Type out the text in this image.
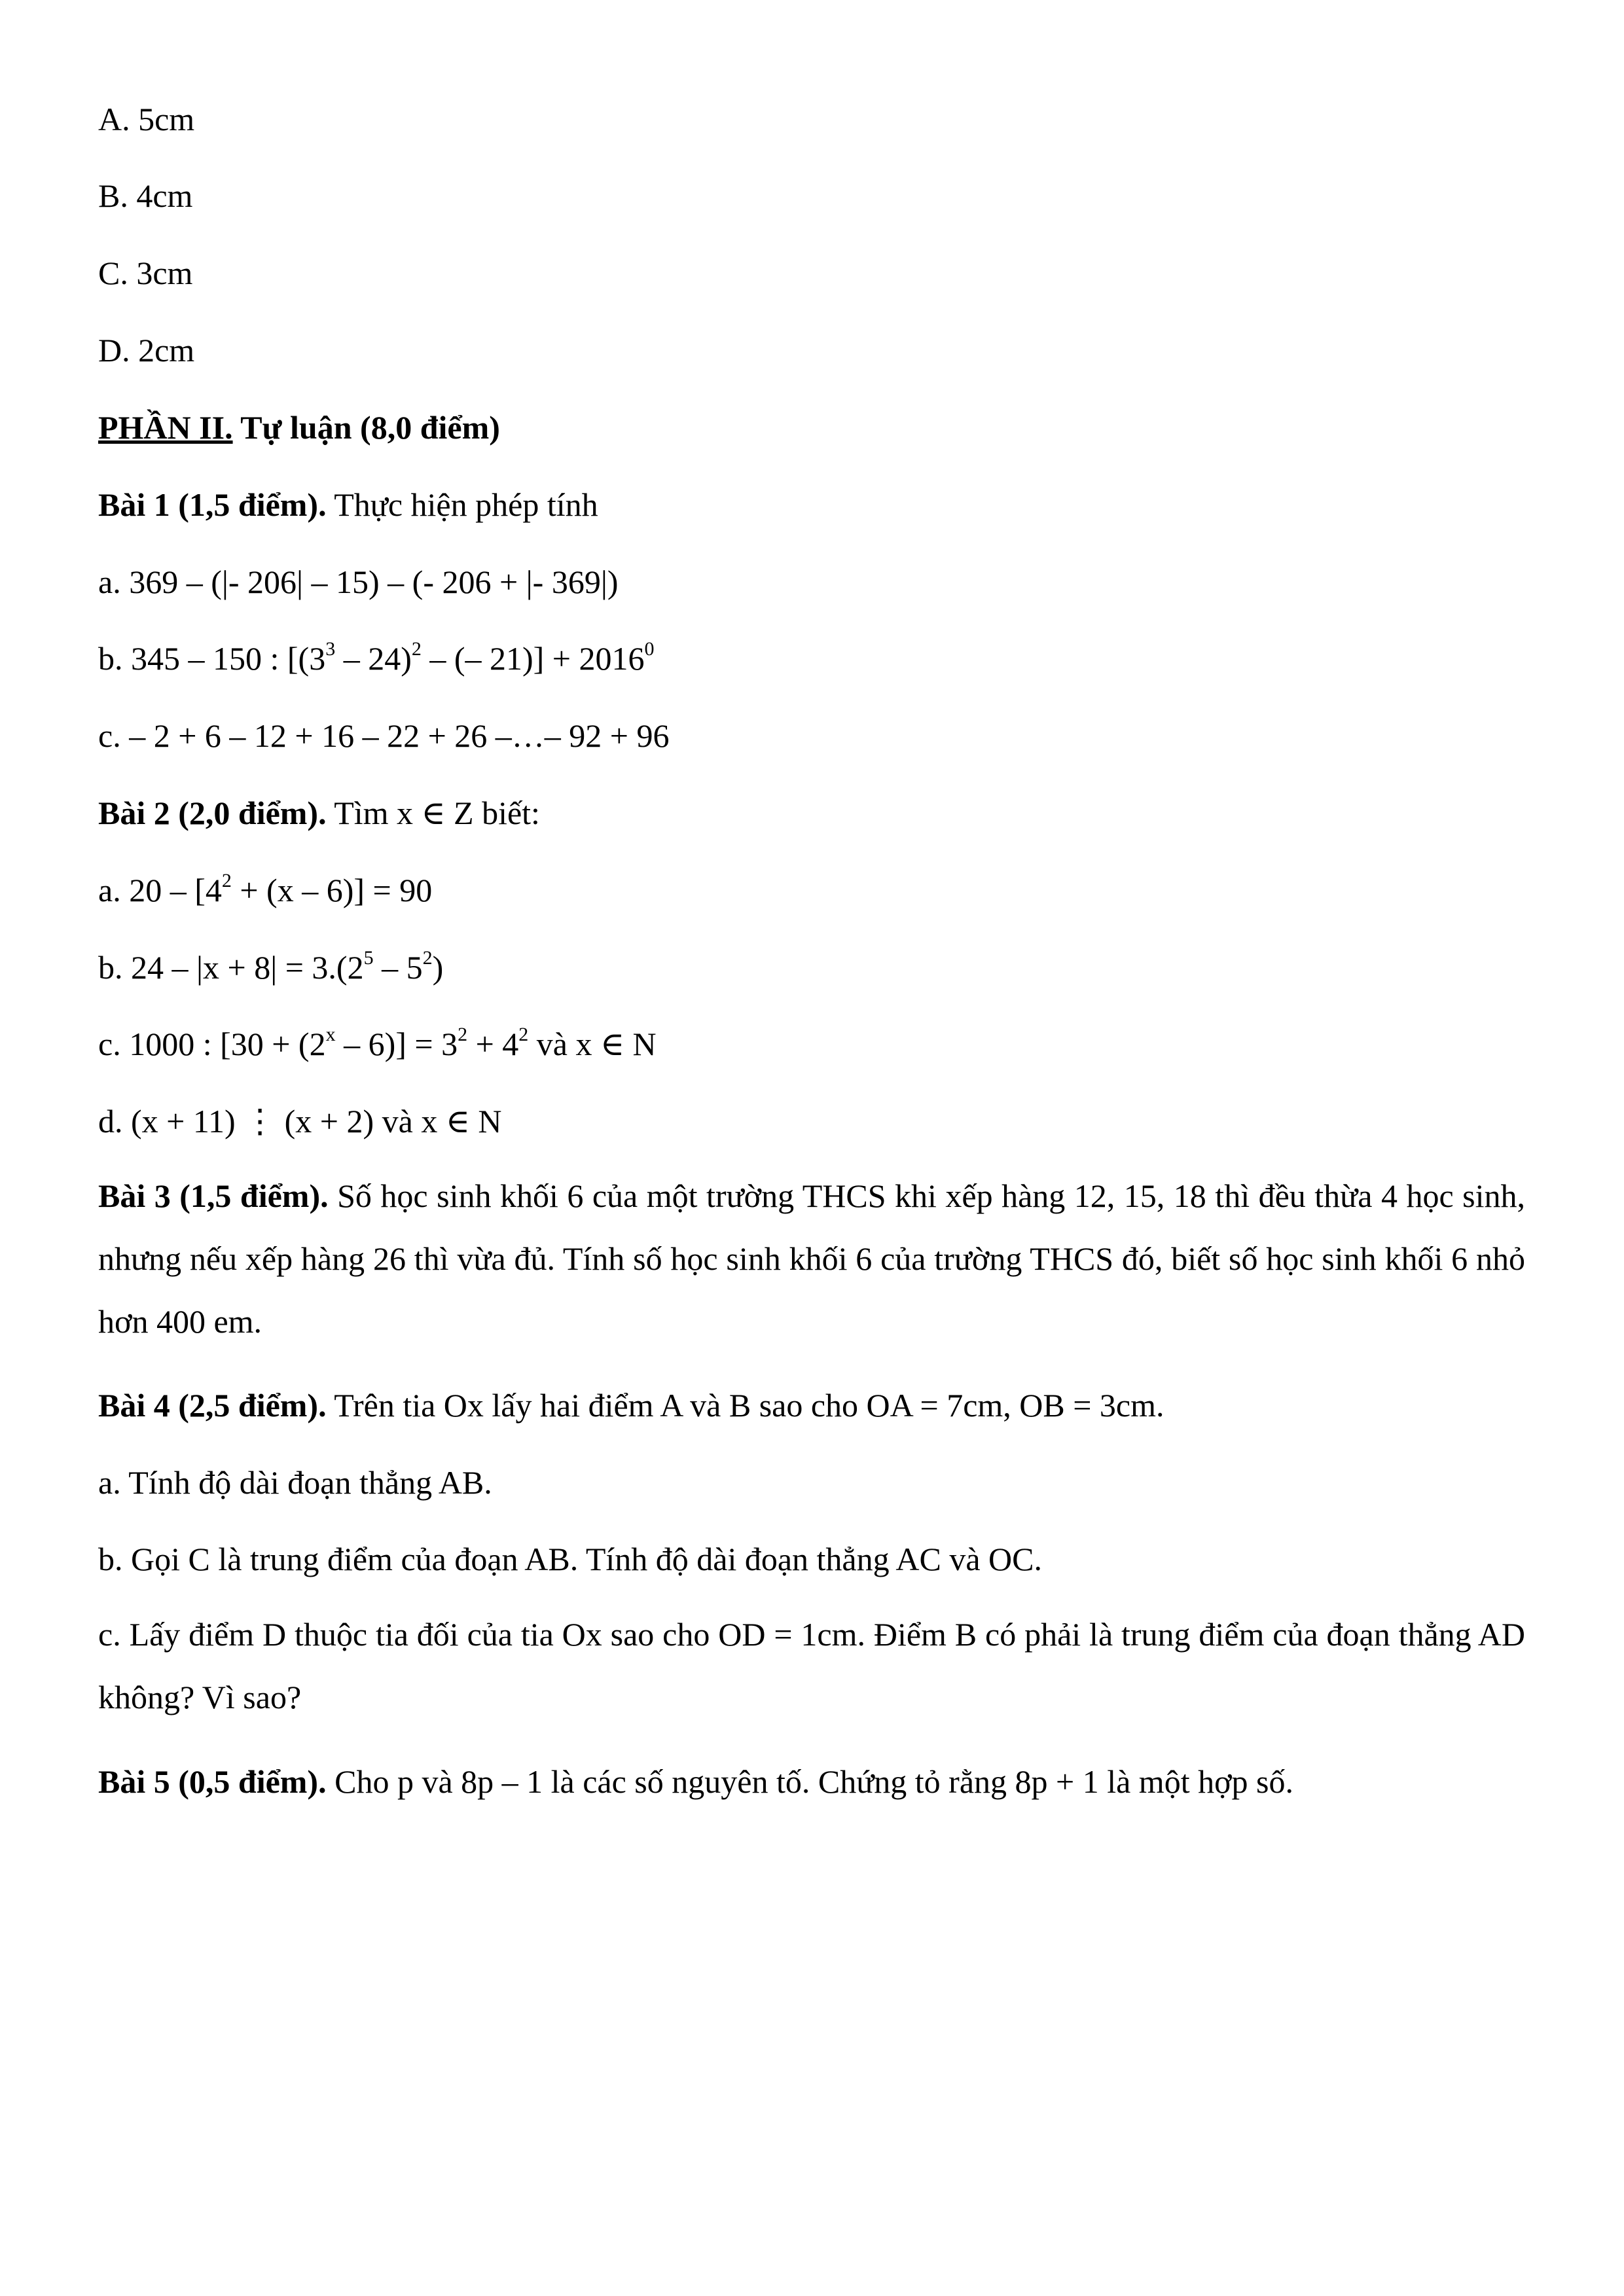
A. 5cm
B. 4cm
C. 3cm
D. 2cm
PHẦN II. Tự luận (8,0 điểm)
Bài 1 (1,5 điểm). Thực hiện phép tính
a. 369 – (|- 206| – 15) – (- 206 + |- 369|)
b. 345 – 150 : [$(3^3 - 24)^2$ – (– $21)] + 2016^0$
c. – 2 + 6 – 12 + 16 – 22 + 26 –…– 92 + 96
Bài 2 (2,0 điểm). Tìm x ∈ Z biết:
a. $20 - [4^2 + (x - 6)] = 90$
b. $24 - |x + 8| = 3.(2^5 - 5^2)$
c. 1000 : $[30 + (2^x - 6)] = 3^2 + 4^2$ và x ∈ N
d. (x + 11) ⋮ (x + 2) và x ∈ N
Bài 3 (1,5 điểm). Số học sinh khối 6 của một trường THCS khi xếp hàng 12, 15, 18 thì đều thừa 4 học sinh, nhưng nếu xếp hàng 26 thì vừa đủ. Tính số học sinh khối 6 của trường THCS đó, biết số học sinh khối 6 nhỏ hơn 400 em.
Bài 4 (2,5 điểm). Trên tia Ox lấy hai điểm A và B sao cho OA = 7cm, OB = 3cm.
a. Tính độ dài đoạn thẳng AB.
b. Gọi C là trung điểm của đoạn AB. Tính độ dài đoạn thẳng AC và OC.
c. Lấy điểm D thuộc tia đối của tia Ox sao cho OD = 1cm. Điểm B có phải là trung điểm của đoạn thẳng AD không? Vì sao?
Bài 5 (0,5 điểm). Cho p và 8p – 1 là các số nguyên tố. Chứng tỏ rằng 8p + 1 là một hợp số.
